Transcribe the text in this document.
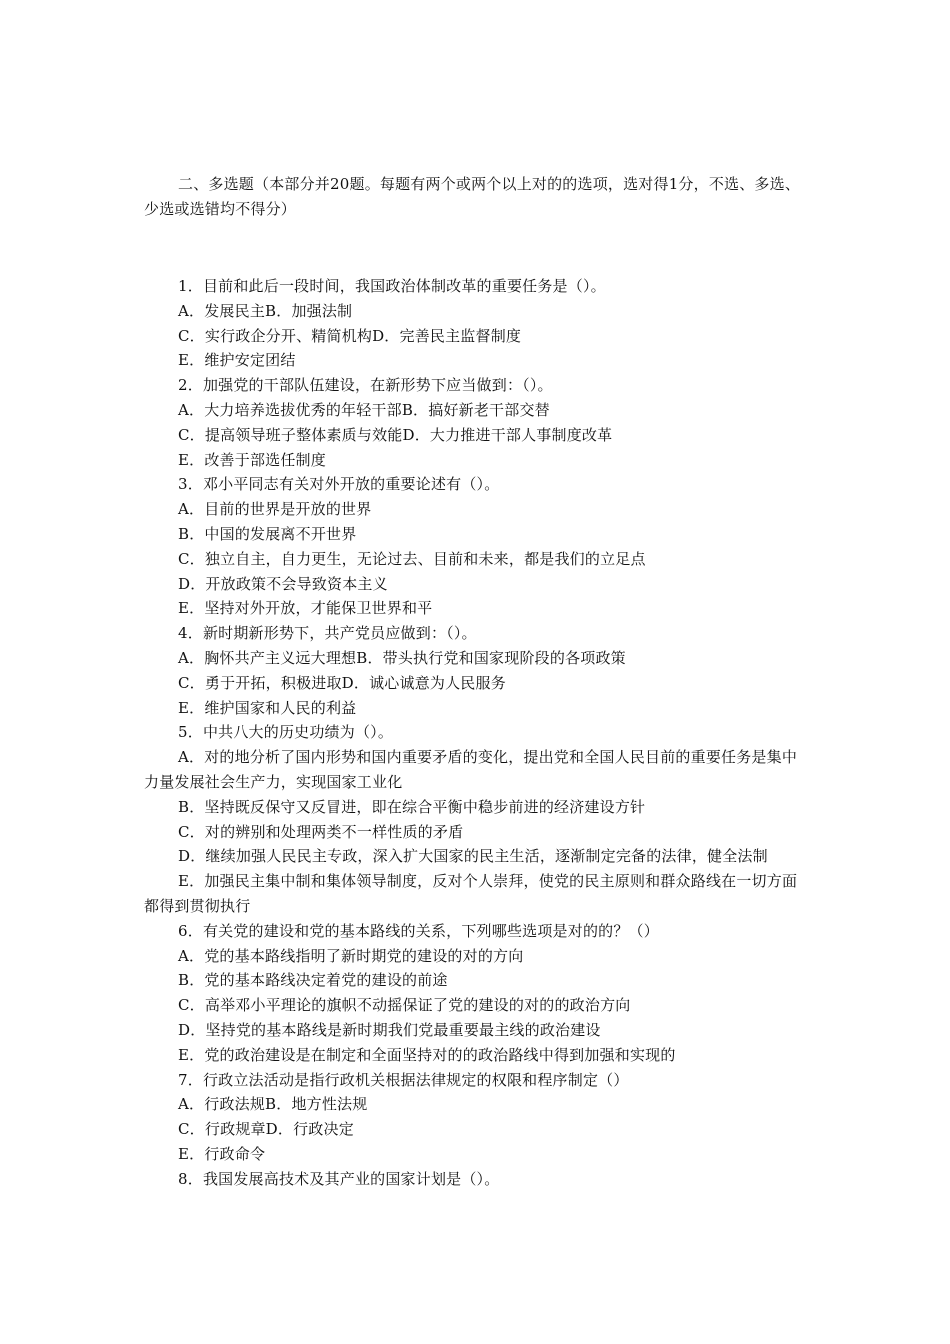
二、多选题（本部分并20题。每题有两个或两个以上对的的选项，选对得1分，不选、多选、少选或选错均不得分）

1．目前和此后一段时间，我国政治体制改革的重要任务是（）。

A．发展民主B．加强法制

C．实行政企分开、精简机构D．完善民主监督制度

E．维护安定团结

2．加强党的干部队伍建设，在新形势下应当做到：（）。

A．大力培养选拔优秀的年轻干部B．搞好新老干部交替

C．提高领导班子整体素质与效能D．大力推进干部人事制度改革

E．改善于部选任制度

3．邓小平同志有关对外开放的重要论述有（）。

A．目前的世界是开放的世界

B．中国的发展离不开世界

C．独立自主，自力更生，无论过去、目前和未来，都是我们的立足点

D．开放政策不会导致资本主义

E．坚持对外开放，才能保卫世界和平

4．新时期新形势下，共产党员应做到：（）。

A．胸怀共产主义远大理想B．带头执行党和国家现阶段的各项政策

C．勇于开拓，积极进取D．诚心诚意为人民服务

E．维护国家和人民的利益

5．中共八大的历史功绩为（）。

A．对的地分析了国内形势和国内重要矛盾的变化，提出党和全国人民目前的重要任务是集中力量发展社会生产力，实现国家工业化

B．坚持既反保守又反冒进，即在综合平衡中稳步前进的经济建设方针

C．对的辨别和处理两类不一样性质的矛盾

D．继续加强人民民主专政，深入扩大国家的民主生活，逐渐制定完备的法律，健全法制

E．加强民主集中制和集体领导制度，反对个人崇拜，使党的民主原则和群众路线在一切方面都得到贯彻执行

6．有关党的建设和党的基本路线的关系，下列哪些选项是对的的？（）

A．党的基本路线指明了新时期党的建设的对的方向

B．党的基本路线决定着党的建设的前途

C．高举邓小平理论的旗帜不动摇保证了党的建设的对的的政治方向

D．坚持党的基本路线是新时期我们党最重要最主线的政治建设

E．党的政治建设是在制定和全面坚持对的的政治路线中得到加强和实现的

7．行政立法活动是指行政机关根据法律规定的权限和程序制定（）

A．行政法规B．地方性法规

C．行政规章D．行政决定

E．行政命令

8．我国发展高技术及其产业的国家计划是（）。
